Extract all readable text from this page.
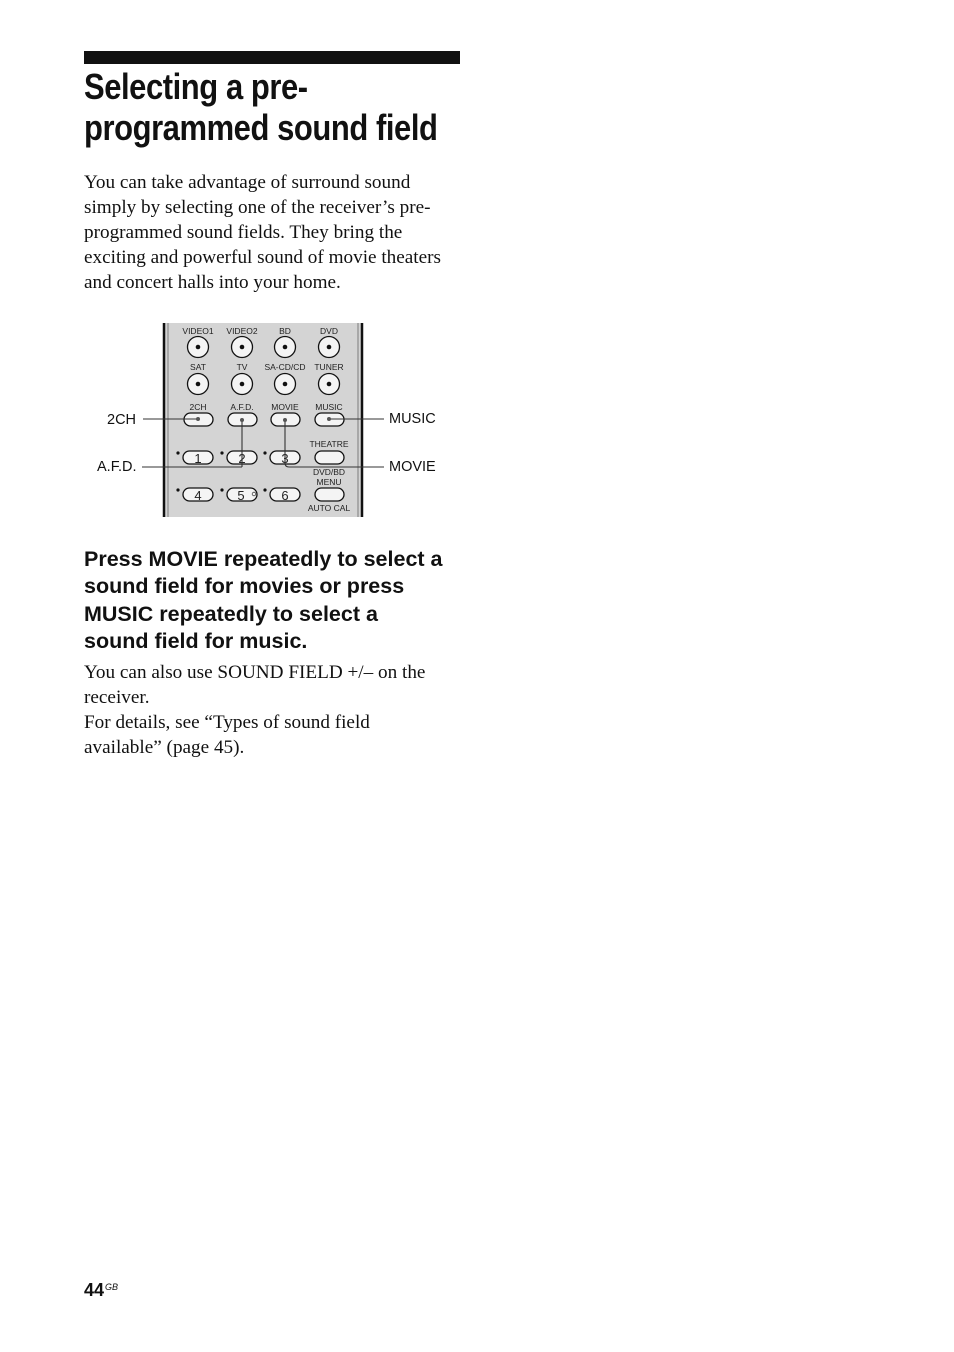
Selecting a pre-
programmed sound field
You can take advantage of surround sound
simply by selecting one of the receiver’s pre-
programmed sound fields. They bring the
exciting and powerful sound of movie theaters
and concert halls into your home.
VIDEO1 VIDEO2	BD	DVD
SAT	TV SA-CD/CD TUNER
2CH	A.F.D. MOVIE MUSIC
THEATRE
1	2	3
DVD/BD
MENU
AUTO CAL
4	5	6
2CH
A.F.D.
MUSIC
MOVIE
Press MOVIE repeatedly to select a
sound field for movies or press
MUSIC repeatedly to select a
sound field for music.
You can also use SOUND FIELD +/– on the
receiver.
For details, see “Types of sound field
available” (page 45).
$44^{GB}$
